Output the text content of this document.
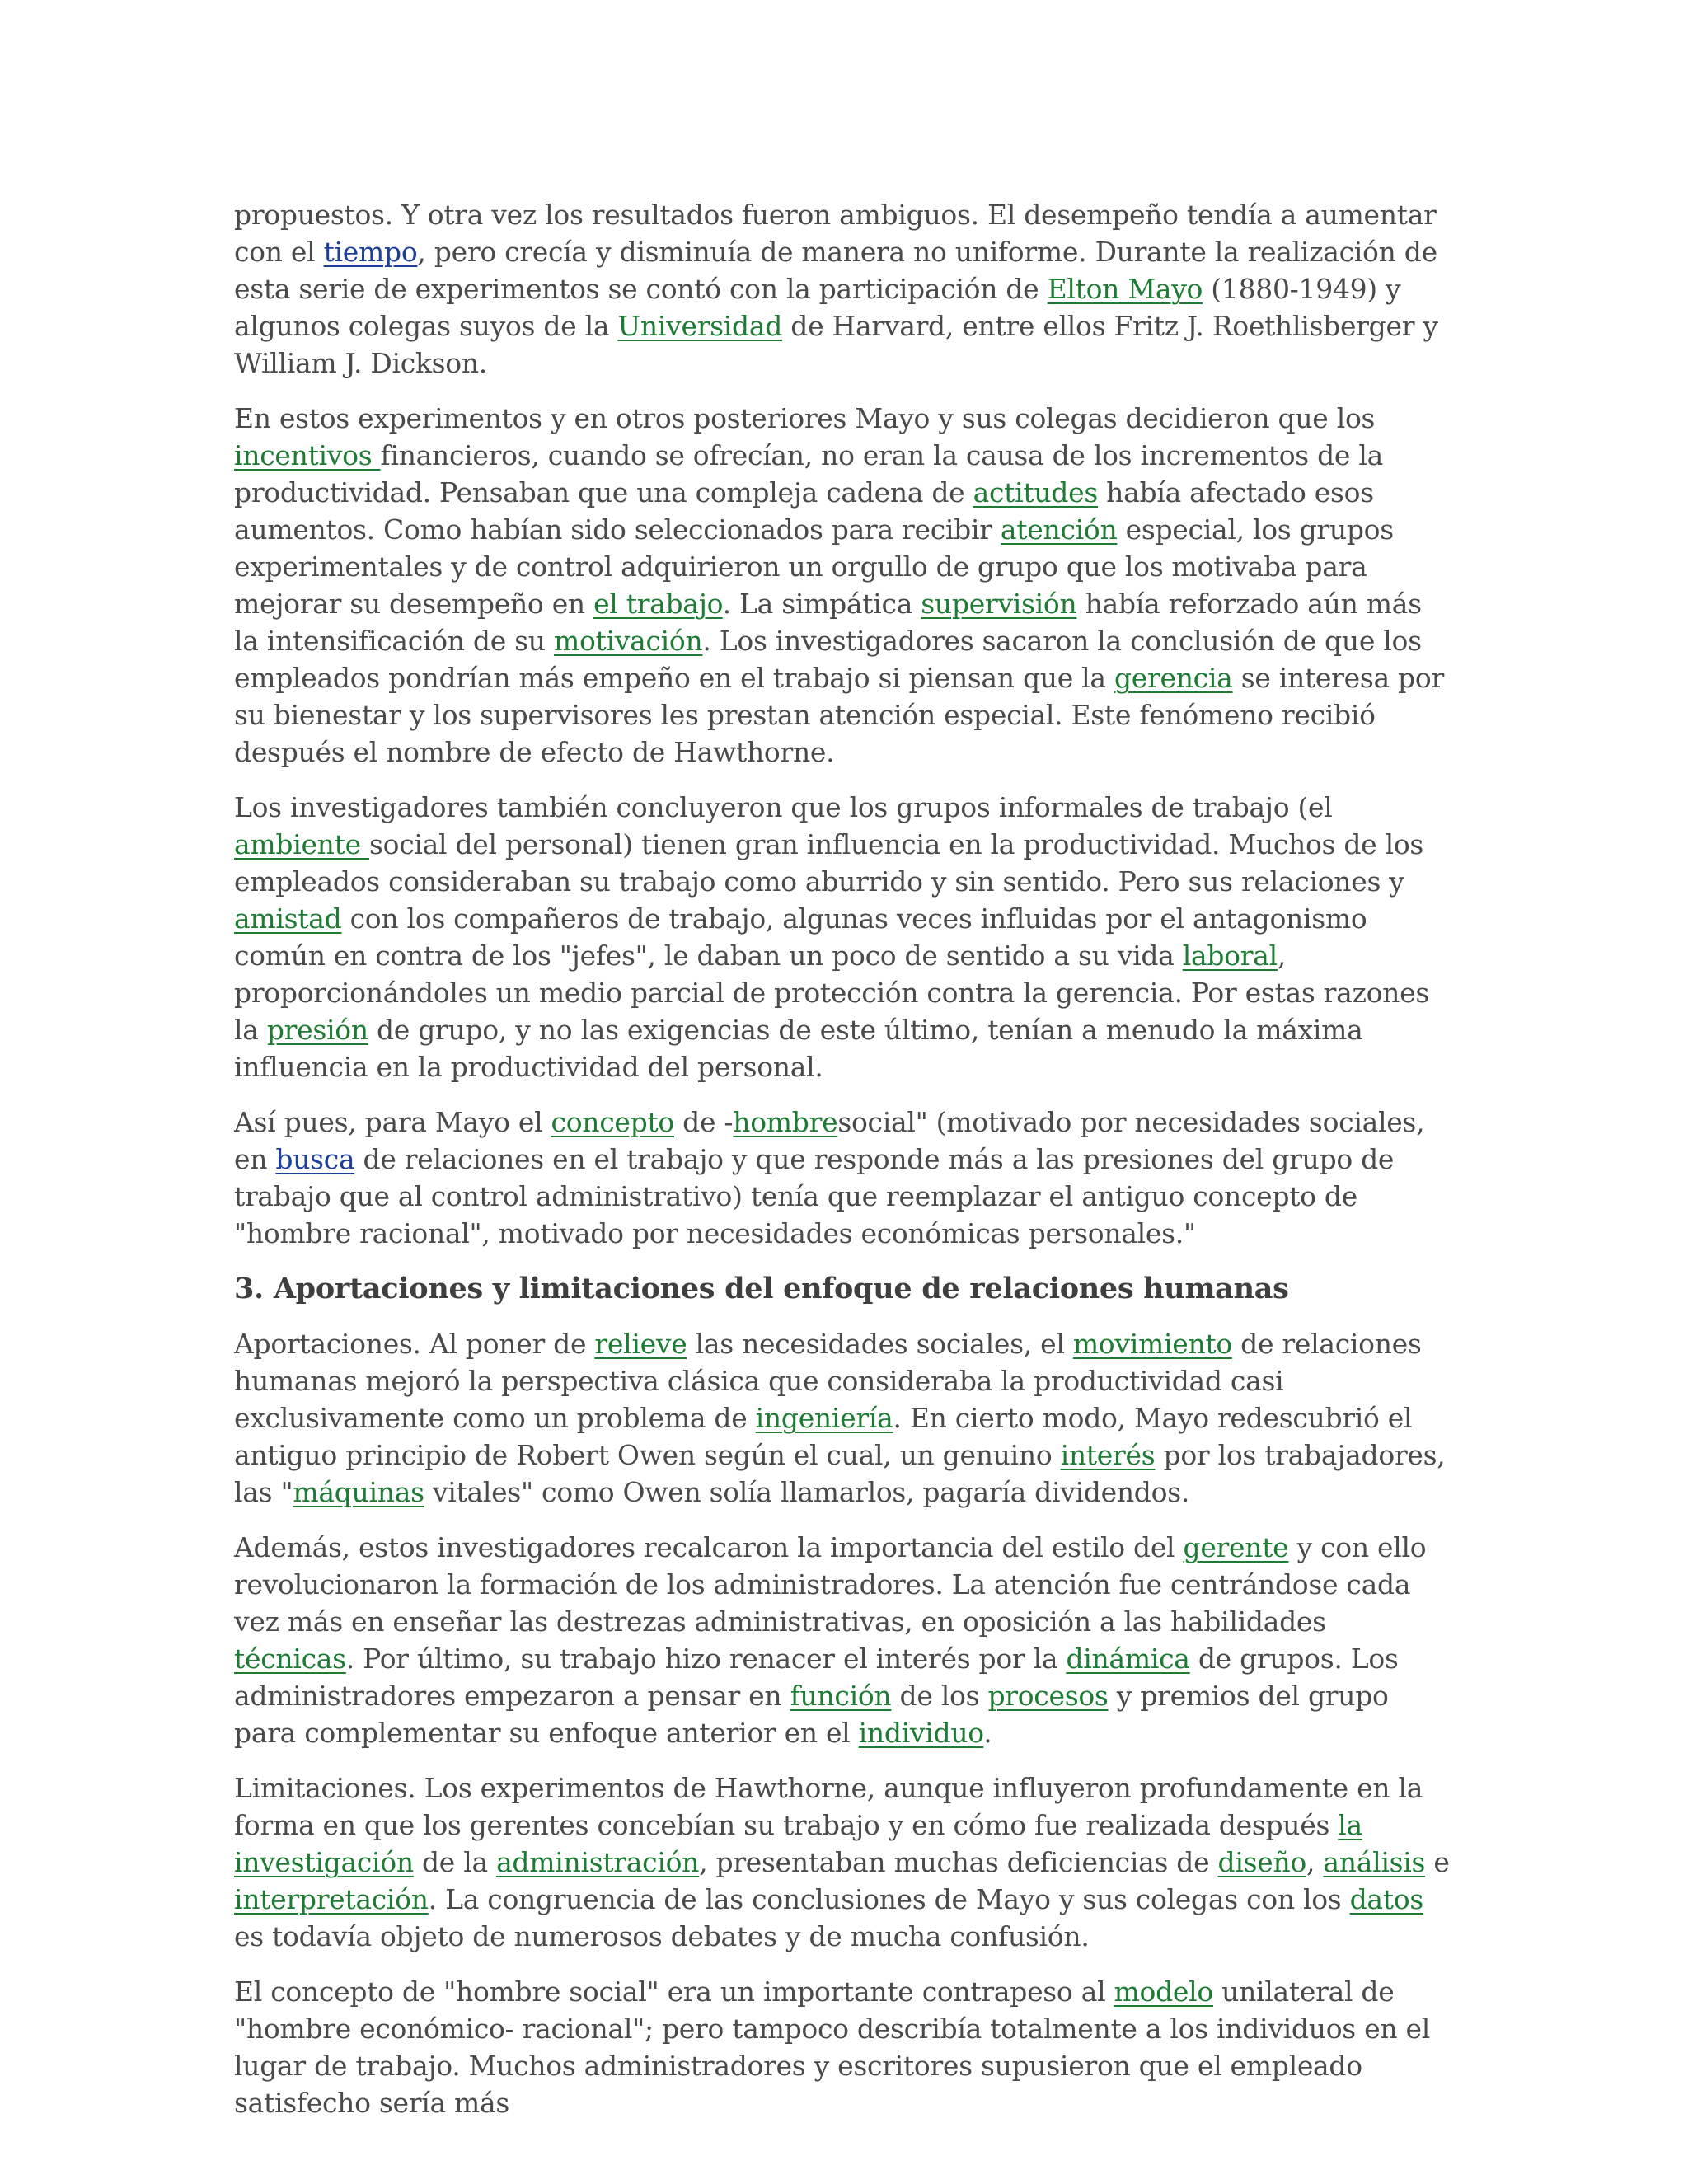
propuestos. Y otra vez los resultados fueron ambiguos. El desempeño tendía a aumentar con el tiempo, pero crecía y disminuía de manera no uniforme. Durante la realización de esta serie de experimentos se contó con la participación de Elton Mayo (1880-1949) y algunos colegas suyos de la Universidad de Harvard, entre ellos Fritz J. Roethlisberger y William J. Dickson.

En estos experimentos y en otros posteriores Mayo y sus colegas decidieron que los incentivos financieros, cuando se ofrecían, no eran la causa de los incrementos de la productividad. Pensaban que una compleja cadena de actitudes había afectado esos aumentos. Como habían sido seleccionados para recibir atención especial, los grupos experimentales y de control adquirieron un orgullo de grupo que los motivaba para mejorar su desempeño en el trabajo. La simpática supervisión había reforzado aún más la intensificación de su motivación. Los investigadores sacaron la conclusión de que los empleados pondrían más empeño en el trabajo si piensan que la gerencia se interesa por su bienestar y los supervisores les prestan atención especial. Este fenómeno recibió después el nombre de efecto de Hawthorne.

Los investigadores también concluyeron que los grupos informales de trabajo (el ambiente social del personal) tienen gran influencia en la productividad. Muchos de los empleados consideraban su trabajo como aburrido y sin sentido. Pero sus relaciones y amistad con los compañeros de trabajo, algunas veces influidas por el antagonismo común en contra de los "jefes", le daban un poco de sentido a su vida laboral, proporcionándoles un medio parcial de protección contra la gerencia. Por estas razones la presión de grupo, y no las exigencias de este último, tenían a menudo la máxima influencia en la productividad del personal.

Así pues, para Mayo el concepto de -hombresocial" (motivado por necesidades sociales, en busca de relaciones en el trabajo y que responde más a las presiones del grupo de trabajo que al control administrativo) tenía que reemplazar el antiguo concepto de "hombre racional", motivado por necesidades económicas personales."

3. Aportaciones y limitaciones del enfoque de relaciones humanas

Aportaciones. Al poner de relieve las necesidades sociales, el movimiento de relaciones humanas mejoró la perspectiva clásica que consideraba la productividad casi exclusivamente como un problema de ingeniería. En cierto modo, Mayo redescubrió el antiguo principio de Robert Owen según el cual, un genuino interés por los trabajadores, las "máquinas vitales" como Owen solía llamarlos, pagaría dividendos.

Además, estos investigadores recalcaron la importancia del estilo del gerente y con ello revolucionaron la formación de los administradores. La atención fue centrándose cada vez más en enseñar las destrezas administrativas, en oposición a las habilidades técnicas. Por último, su trabajo hizo renacer el interés por la dinámica de grupos. Los administradores empezaron a pensar en función de los procesos y premios del grupo para complementar su enfoque anterior en el individuo.

Limitaciones. Los experimentos de Hawthorne, aunque influyeron profundamente en la forma en que los gerentes concebían su trabajo y en cómo fue realizada después la investigación de la administración, presentaban muchas deficiencias de diseño, análisis e interpretación. La congruencia de las conclusiones de Mayo y sus colegas con los datos es todavía objeto de numerosos debates y de mucha confusión.

El concepto de "hombre social" era un importante contrapeso al modelo unilateral de "hombre económico- racional"; pero tampoco describía totalmente a los individuos en el lugar de trabajo. Muchos administradores y escritores supusieron que el empleado satisfecho sería más
